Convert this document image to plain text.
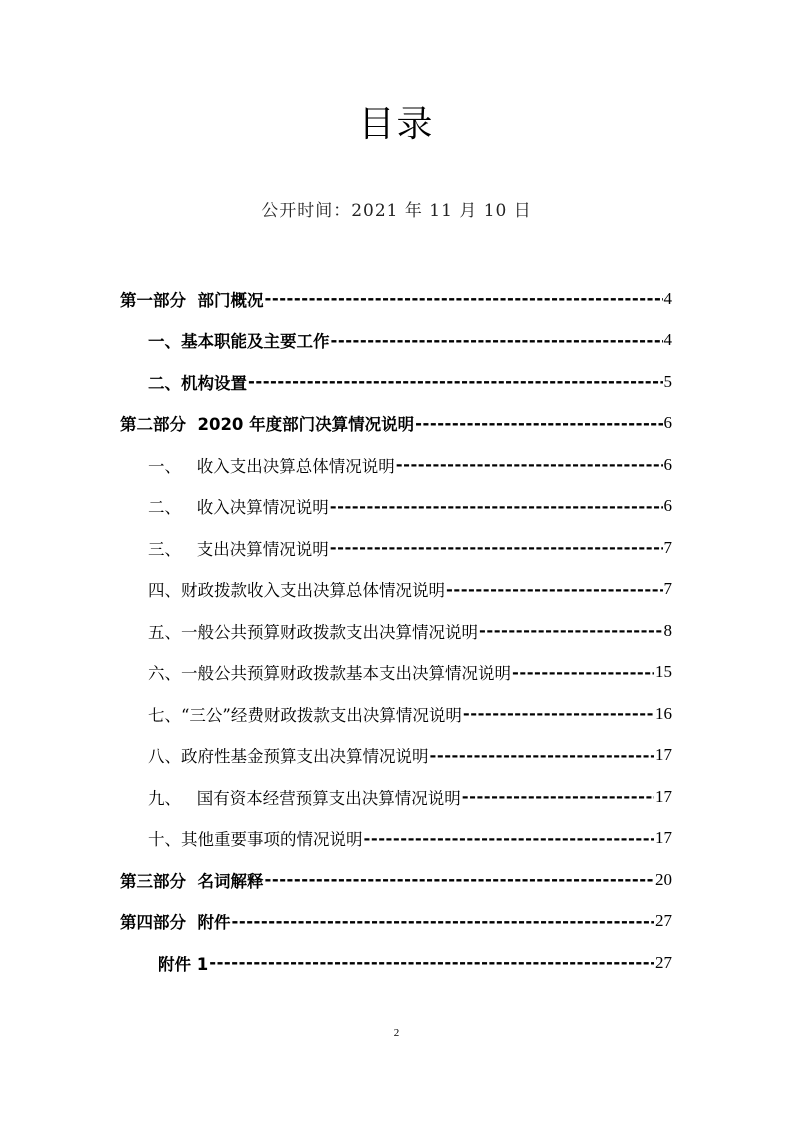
目录
公开时间：2021 年 11 月 10 日
第一部分  部门概况 -----	4
一、基本职能及主要工作 -----	4
二、机构设置 -----	5
第二部分  2020 年度部门决算情况说明 -----	6
一、   收入支出决算总体情况说明 -----	6
二、   收入决算情况说明 -----	6
三、   支出决算情况说明 -----	7
四、财政拨款收入支出决算总体情况说明 -----	7
五、一般公共预算财政拨款支出决算情况说明 -----	8
六、一般公共预算财政拨款基本支出决算情况说明 -----	15
七、“三公”经费财政拨款支出决算情况说明 -----	16
八、政府性基金预算支出决算情况说明 -----	17
九、   国有资本经营预算支出决算情况说明 -----	17
十、其他重要事项的情况说明 -----	17
第三部分  名词解释 -----	20
第四部分  附件 -----	27
附件 1 -----	27
2
